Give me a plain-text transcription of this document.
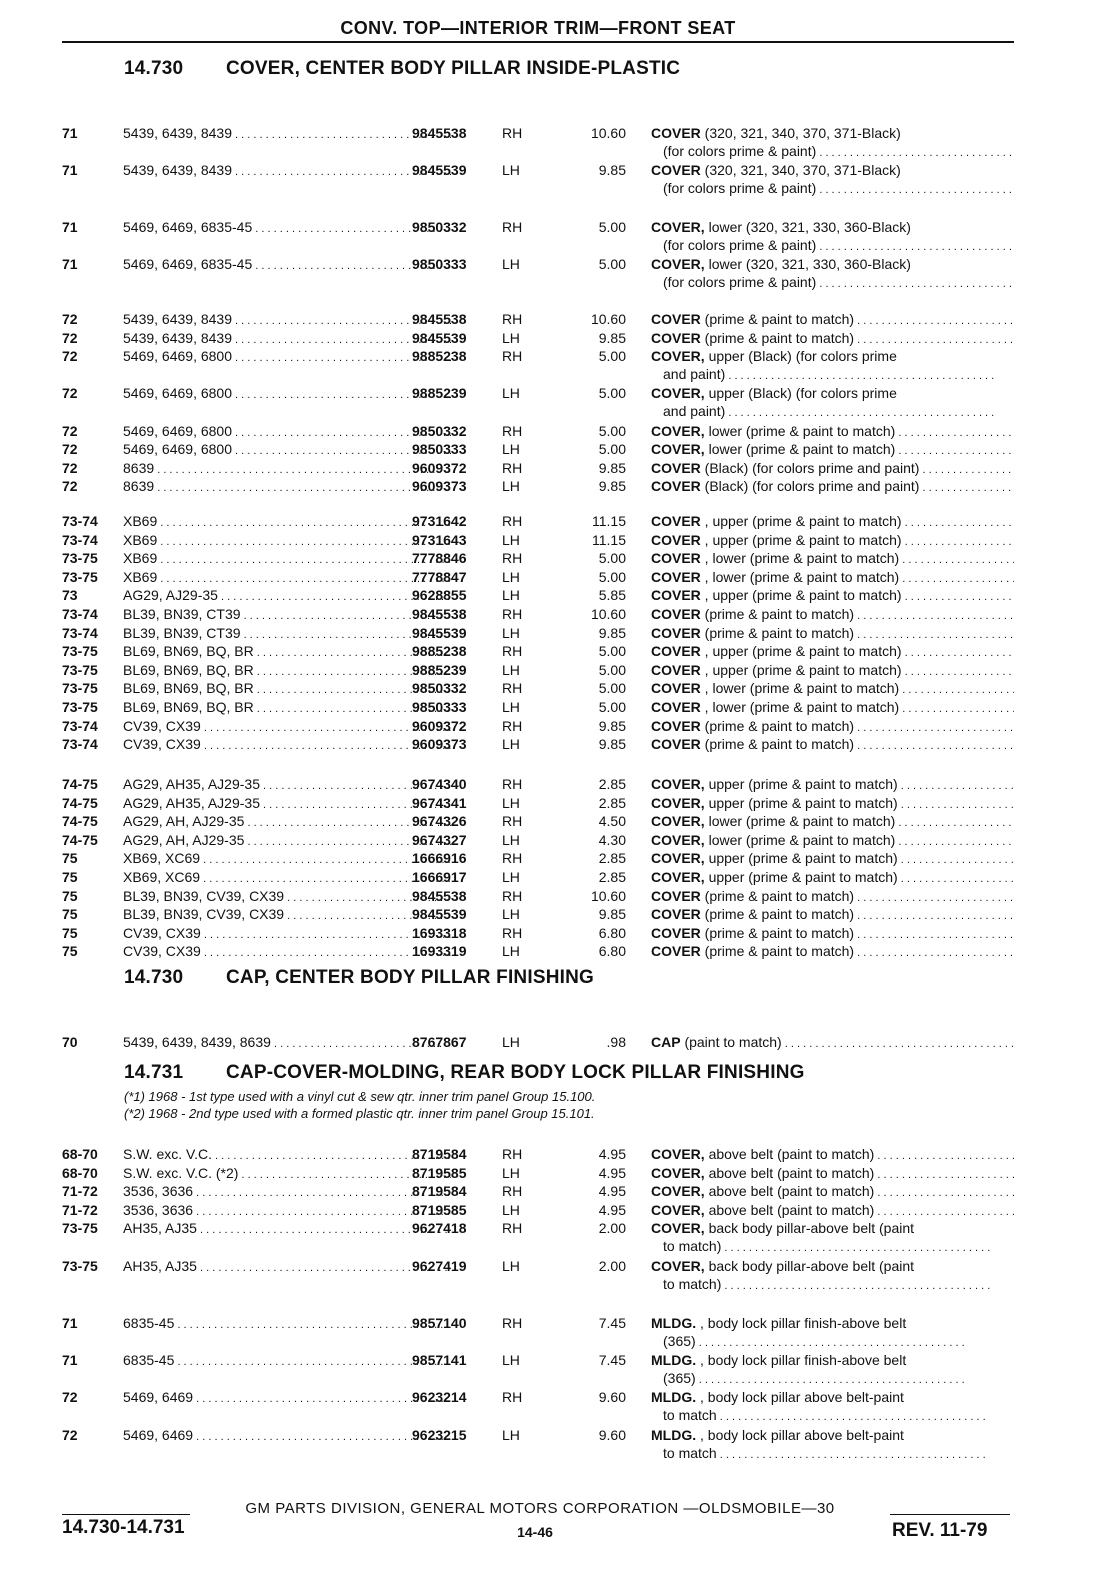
CONV. TOP—INTERIOR TRIM—FRONT SEAT
14.730 COVER, CENTER BODY PILLAR INSIDE-PLASTIC
71	5439, 6439, 8439 . . .	9845538	RH	10.60 COVER (320, 321, 340, 370, 371-Black)
(for colors prime & paint) . . .
71	5439, 6439, 8439 . . .	9845539	LH	9.85 COVER (320, 321, 340, 370, 371-Black)
(for colors prime & paint) . . .
71	5469, 6469, 6835-45 . . .	9850332	RH	5.00 COVER, lower (320, 321, 330, 360-Black)
(for colors prime & paint) . . .
71	5469, 6469, 6835-45 . . .	9850333	LH	5.00 COVER, lower (320, 321, 330, 360-Black)
(for colors prime & paint) . . .
72	5439, 6439, 8439 . . .	9845538	RH	10.60 COVER (prime & paint to match) . . .
72	5439, 6439, 8439 . . .	9845539	LH	9.85 COVER (prime & paint to match) . . .
72	5469, 6469, 6800 . . .	9885238	RH	5.00 COVER, upper (Black) (for colors prime
and paint) . . .
72	5469, 6469, 6800 . . .	9885239	LH	5.00 COVER, upper (Black) (for colors prime
and paint) . . .
72	5469, 6469, 6800 . . .	9850332	RH	5.00 COVER, lower (prime & paint to match) . . .
72	5469, 6469, 6800 . . .	9850333	LH	5.00 COVER, lower (prime & paint to match) . . .
72	8639 . . .	9609372	RH	9.85 COVER (Black) (for colors prime and paint) . . .
72	8639 . . .	9609373	LH	9.85 COVER (Black) (for colors prime and paint) . . .
73-74 XB69 . . .	9731642	RH	11.15 COVER , upper (prime & paint to match) . . .
73-74 XB69 . . .	9731643	LH	11.15 COVER , upper (prime & paint to match) . . .
73-75 XB69 . . .	7778846	RH	5.00 COVER , lower (prime & paint to match) . . .
73-75 XB69 . . .	7778847	LH	5.00 COVER , lower (prime & paint to match) . . .
73	AG29, AJ29-35 . . .	9628855	LH	5.85 COVER , upper (prime & paint to match) . . .
73-74 BL39, BN39, CT39 . . .	9845538	RH	10.60 COVER (prime & paint to match) . . .
73-74 BL39, BN39, CT39 . . .	9845539	LH	9.85 COVER (prime & paint to match) . . .
73-75 BL69, BN69, BQ, BR . . .	9885238	RH	5.00 COVER , upper (prime & paint to match) . . .
73-75 BL69, BN69, BQ, BR . . .	9885239	LH	5.00 COVER , upper (prime & paint to match) . . .
73-75 BL69, BN69, BQ, BR . . .	9850332	RH	5.00 COVER , lower (prime & paint to match) . . .
73-75 BL69, BN69, BQ, BR . . .	9850333	LH	5.00 COVER , lower (prime & paint to match) . . .
73-74 CV39, CX39 . . .	9609372	RH	9.85 COVER (prime & paint to match) . . .
73-74 CV39, CX39 . . .	9609373	LH	9.85 COVER (prime & paint to match) . . .
74-75 AG29, AH35, AJ29-35 . . .	9674340	RH	2.85 COVER, upper (prime & paint to match) . . .
74-75 AG29, AH35, AJ29-35 . . .	9674341	LH	2.85 COVER, upper (prime & paint to match) . . .
74-75 AG29, AH, AJ29-35 . . .	9674326	RH	4.50 COVER, lower (prime & paint to match) . . .
74-75 AG29, AH, AJ29-35 . . .	9674327	LH	4.30 COVER, lower (prime & paint to match) . . .
75	XB69, XC69 . . .	1666916	RH	2.85 COVER, upper (prime & paint to match) . . .
75	XB69, XC69 . . .	1666917	LH	2.85 COVER, upper (prime & paint to match) . . .
75	BL39, BN39, CV39, CX39 . . .	9845538	RH	10.60 COVER (prime & paint to match) . . .
75	BL39, BN39, CV39, CX39 . . .	9845539	LH	9.85 COVER (prime & paint to match) . . .
75	CV39, CX39 . . .	1693318	RH	6.80 COVER (prime & paint to match) . . .
75	CV39, CX39 . . .	1693319	LH	6.80 COVER (prime & paint to match) . . .
14.730 CAP, CENTER BODY PILLAR FINISHING
70	5439, 6439, 8439, 8639 . . .	8767867	LH	.98 CAP (paint to match) . . .
14.731 CAP-COVER-MOLDING, REAR BODY LOCK PILLAR FINISHING
(*1) 1968 - 1st type used with a vinyl cut & sew qtr. inner trim panel Group 15.100.
(*2) 1968 - 2nd type used with a formed plastic qtr. inner trim panel Group 15.101.
68-70 S.W. exc. V.C. . . .	8719584	RH	4.95 COVER, above belt (paint to match) . . .
68-70 S.W. exc. V.C. (*2) . . .	8719585	LH	4.95 COVER, above belt (paint to match) . . .
71-72 3536, 3636 . . .	8719584	RH	4.95 COVER, above belt (paint to match) . . .
71-72 3536, 3636 . . .	8719585	LH	4.95 COVER, above belt (paint to match) . . .
73-75 AH35, AJ35 . . .	9627418	RH	2.00 COVER, back body pillar-above belt (paint
to match) . . .
73-75 AH35, AJ35 . . .	9627419	LH	2.00 COVER, back body pillar-above belt (paint
to match) . . .
71	6835-45 . . .	9857140	RH	7.45 MLDG. , body lock pillar finish-above belt
(365) . . .
71	6835-45 . . .	9857141	LH	7.45 MLDG. , body lock pillar finish-above belt
(365) . . .
72	5469, 6469 . . .	9623214	RH	9.60 MLDG. , body lock pillar above belt-paint
to match . . .
72	5469, 6469 . . .	9623215	LH	9.60 MLDG. , body lock pillar above belt-paint
to match . . .
GM PARTS DIVISION, GENERAL MOTORS CORPORATION —OLDSMOBILE—30
14.730-14.731	14-46	REV. 11-79
